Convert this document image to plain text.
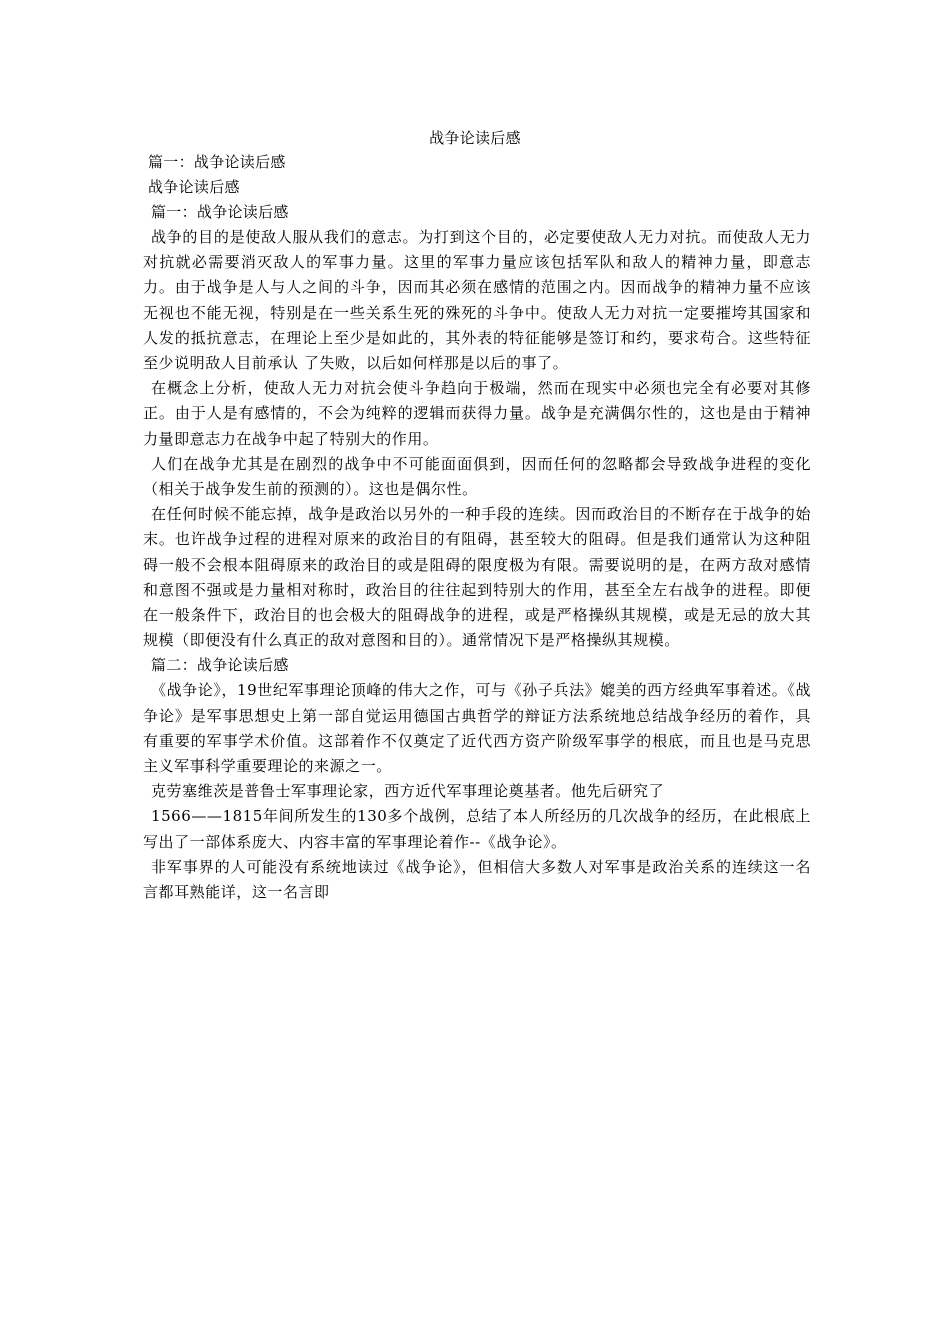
战争论读后感

篇一：战争论读后感

战争论读后感

篇一：战争论读后感

战争的目的是使敌人服从我们的意志。为打到这个目的，必定要使敌人无力对抗。而使敌人无力对抗就必需要消灭敌人的军事力量。这里的军事力量应该包括军队和敌人的精神力量，即意志力。由于战争是人与人之间的斗争，因而其必须在感情的范围之内。因而战争的精神力量不应该无视也不能无视，特别是在一些关系生死的殊死的斗争中。使敌人无力对抗一定要摧垮其国家和人发的抵抗意志，在理论上至少是如此的，其外表的特征能够是签订和约，要求苟合。这些特征至少说明敌人目前承认 了失败，以后如何样那是以后的事了。

在概念上分析，使敌人无力对抗会使斗争趋向于极端，然而在现实中必须也完全有必要对其修正。由于人是有感情的，不会为纯粹的逻辑而获得力量。战争是充满偶尔性的，这也是由于精神力量即意志力在战争中起了特别大的作用。

人们在战争尤其是在剧烈的战争中不可能面面俱到，因而任何的忽略都会导致战争进程的变化（相关于战争发生前的预测的）。这也是偶尔性。

在任何时候不能忘掉，战争是政治以另外的一种手段的连续。因而政治目的不断存在于战争的始末。也许战争过程的进程对原来的政治目的有阻碍，甚至较大的阻碍。但是我们通常认为这种阻碍一般不会根本阻碍原来的政治目的或是阻碍的限度极为有限。需要说明的是，在两方敌对感情和意图不强或是力量相对称时，政治目的往往起到特别大的作用，甚至全左右战争的进程。即便在一般条件下，政治目的也会极大的阻碍战争的进程，或是严格操纵其规模，或是无忌的放大其规模（即便没有什么真正的敌对意图和目的）。通常情况下是严格操纵其规模。

篇二：战争论读后感

《战争论》，19世纪军事理论顶峰的伟大之作，可与《孙子兵法》媲美的西方经典军事着述。《战争论》是军事思想史上第一部自觉运用德国古典哲学的辩证方法系统地总结战争经历的着作，具有重要的军事学术价值。这部着作不仅奠定了近代西方资产阶级军事学的根底，而且也是马克思主义军事科学重要理论的来源之一。

克劳塞维茨是普鲁士军事理论家，西方近代军事理论奠基者。他先后研究了

1566——1815年间所发生的130多个战例，总结了本人所经历的几次战争的经历，在此根底上写出了一部体系庞大、内容丰富的军事理论着作--《战争论》。

非军事界的人可能没有系统地读过《战争论》，但相信大多数人对军事是政治关系的连续这一名言都耳熟能详，这一名言即
